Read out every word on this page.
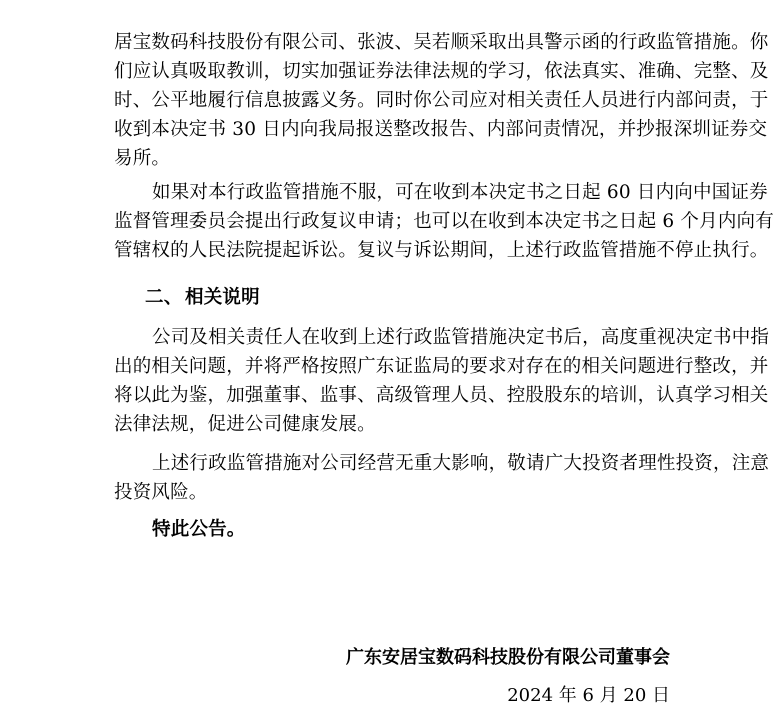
居宝数码科技股份有限公司、张波、吴若顺采取出具警示函的行政监管措施。你
们应认真吸取教训，切实加强证券法律法规的学习，依法真实、准确、完整、及
时、公平地履行信息披露义务。同时你公司应对相关责任人员进行内部问责，于
收到本决定书 30 日内向我局报送整改报告、内部问责情况，并抄报深圳证券交
易所。
如果对本行政监管措施不服，可在收到本决定书之日起 60 日内向中国证券
监督管理委员会提出行政复议申请；也可以在收到本决定书之日起 6 个月内向有
管辖权的人民法院提起诉讼。复议与诉讼期间，上述行政监管措施不停止执行。
二、 相关说明
公司及相关责任人在收到上述行政监管措施决定书后，高度重视决定书中指
出的相关问题，并将严格按照广东证监局的要求对存在的相关问题进行整改，并
将以此为鉴，加强董事、监事、高级管理人员、控股股东的培训，认真学习相关
法律法规，促进公司健康发展。
上述行政监管措施对公司经营无重大影响，敬请广大投资者理性投资，注意
投资风险。
特此公告。
广东安居宝数码科技股份有限公司董事会
2024 年 6 月 20 日
